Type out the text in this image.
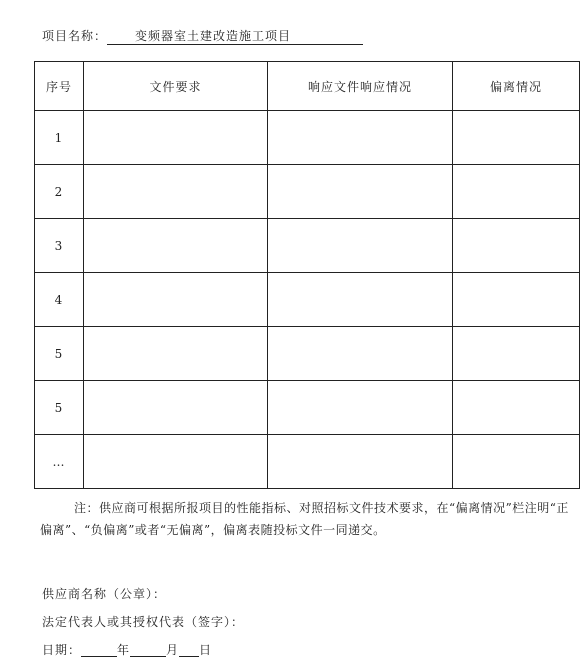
项目名称： 变频器室土建改造施工项目
序号	文件要求	响应文件响应情况	偏离情况
1			
2			
3			
4			
5			
5			
…			
注：供应商可根据所报项目的性能指标、对照招标文件技术要求，在“偏离情况”栏注明“正偏离”、“负偏离”或者“无偏离”，偏离表随投标文件一同递交。
供应商名称（公章）：
法定代表人或其授权代表（签字）：
日期：	年	月 日
